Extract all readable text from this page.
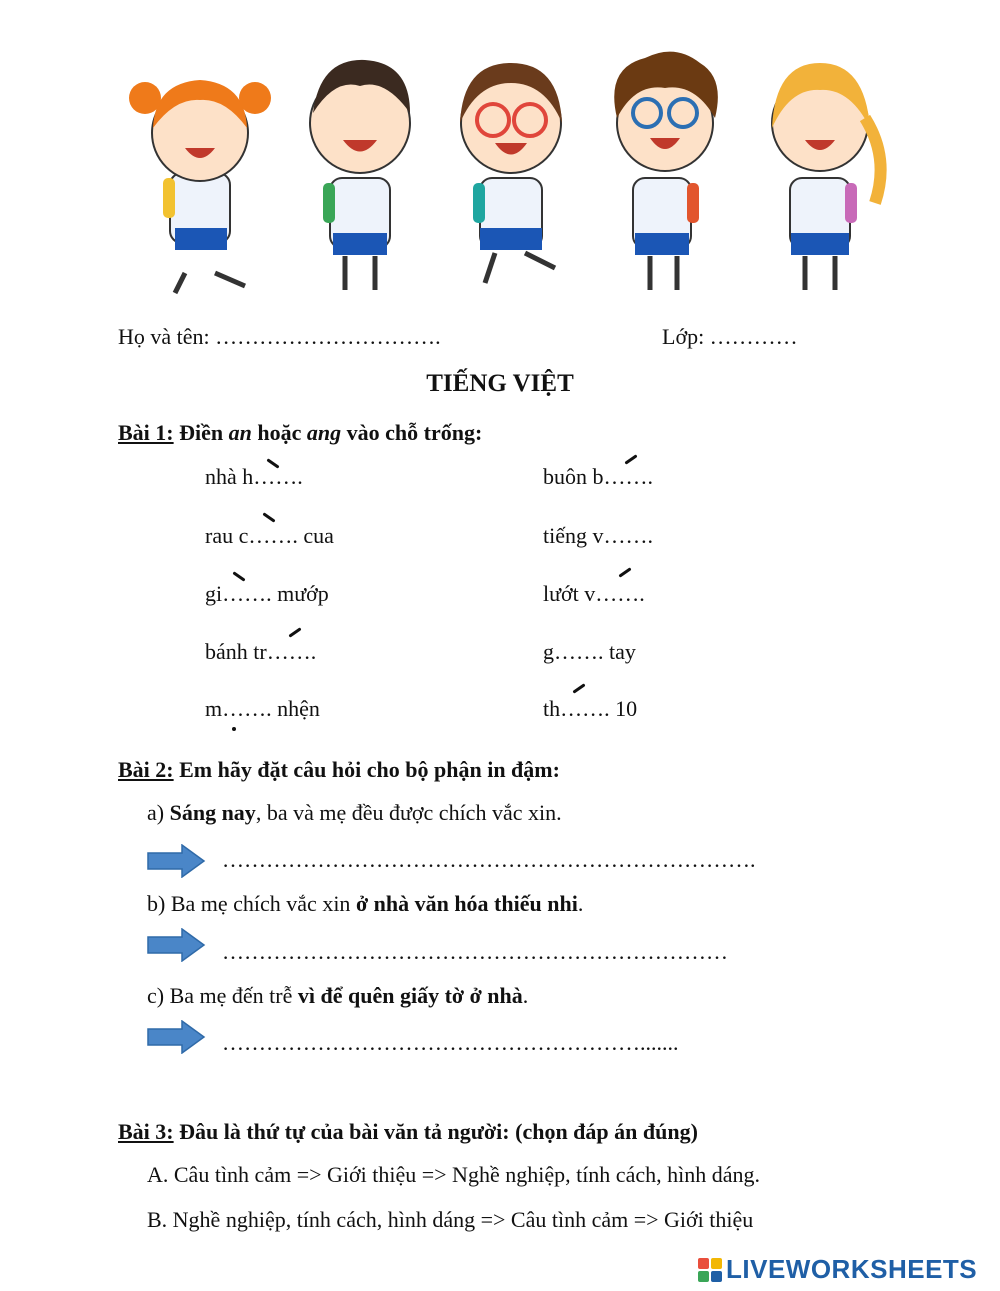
Họ và tên: ………………………….	Lớp: …………
TIẾNG VIỆT
Bài 1: Điền an hoặc ang vào chỗ trống:
nhà h…….	buôn b…….
rau c……. cua	tiếng v…….
gi……. mướp	lướt v…….
bánh tr…….	g……. tay
m……. nhện	th……. 10
Bài 2: Em hãy đặt câu hỏi cho bộ phận in đậm:
a) Sáng nay, ba và mẹ đều được chích vắc xin.
……………………………………………………………….
b) Ba mẹ chích vắc xin ở nhà văn hóa thiếu nhi.
……………………………………………………………
c) Ba mẹ đến trễ vì để quên giấy tờ ở nhà.
………………………………………………….......
Bài 3: Đâu là thứ tự của bài văn tả người: (chọn đáp án đúng)
A. Câu tình cảm => Giới thiệu => Nghề nghiệp, tính cách, hình dáng.
B. Nghề nghiệp, tính cách, hình dáng => Câu tình cảm => Giới thiệu
LIVEWORKSHEETS
